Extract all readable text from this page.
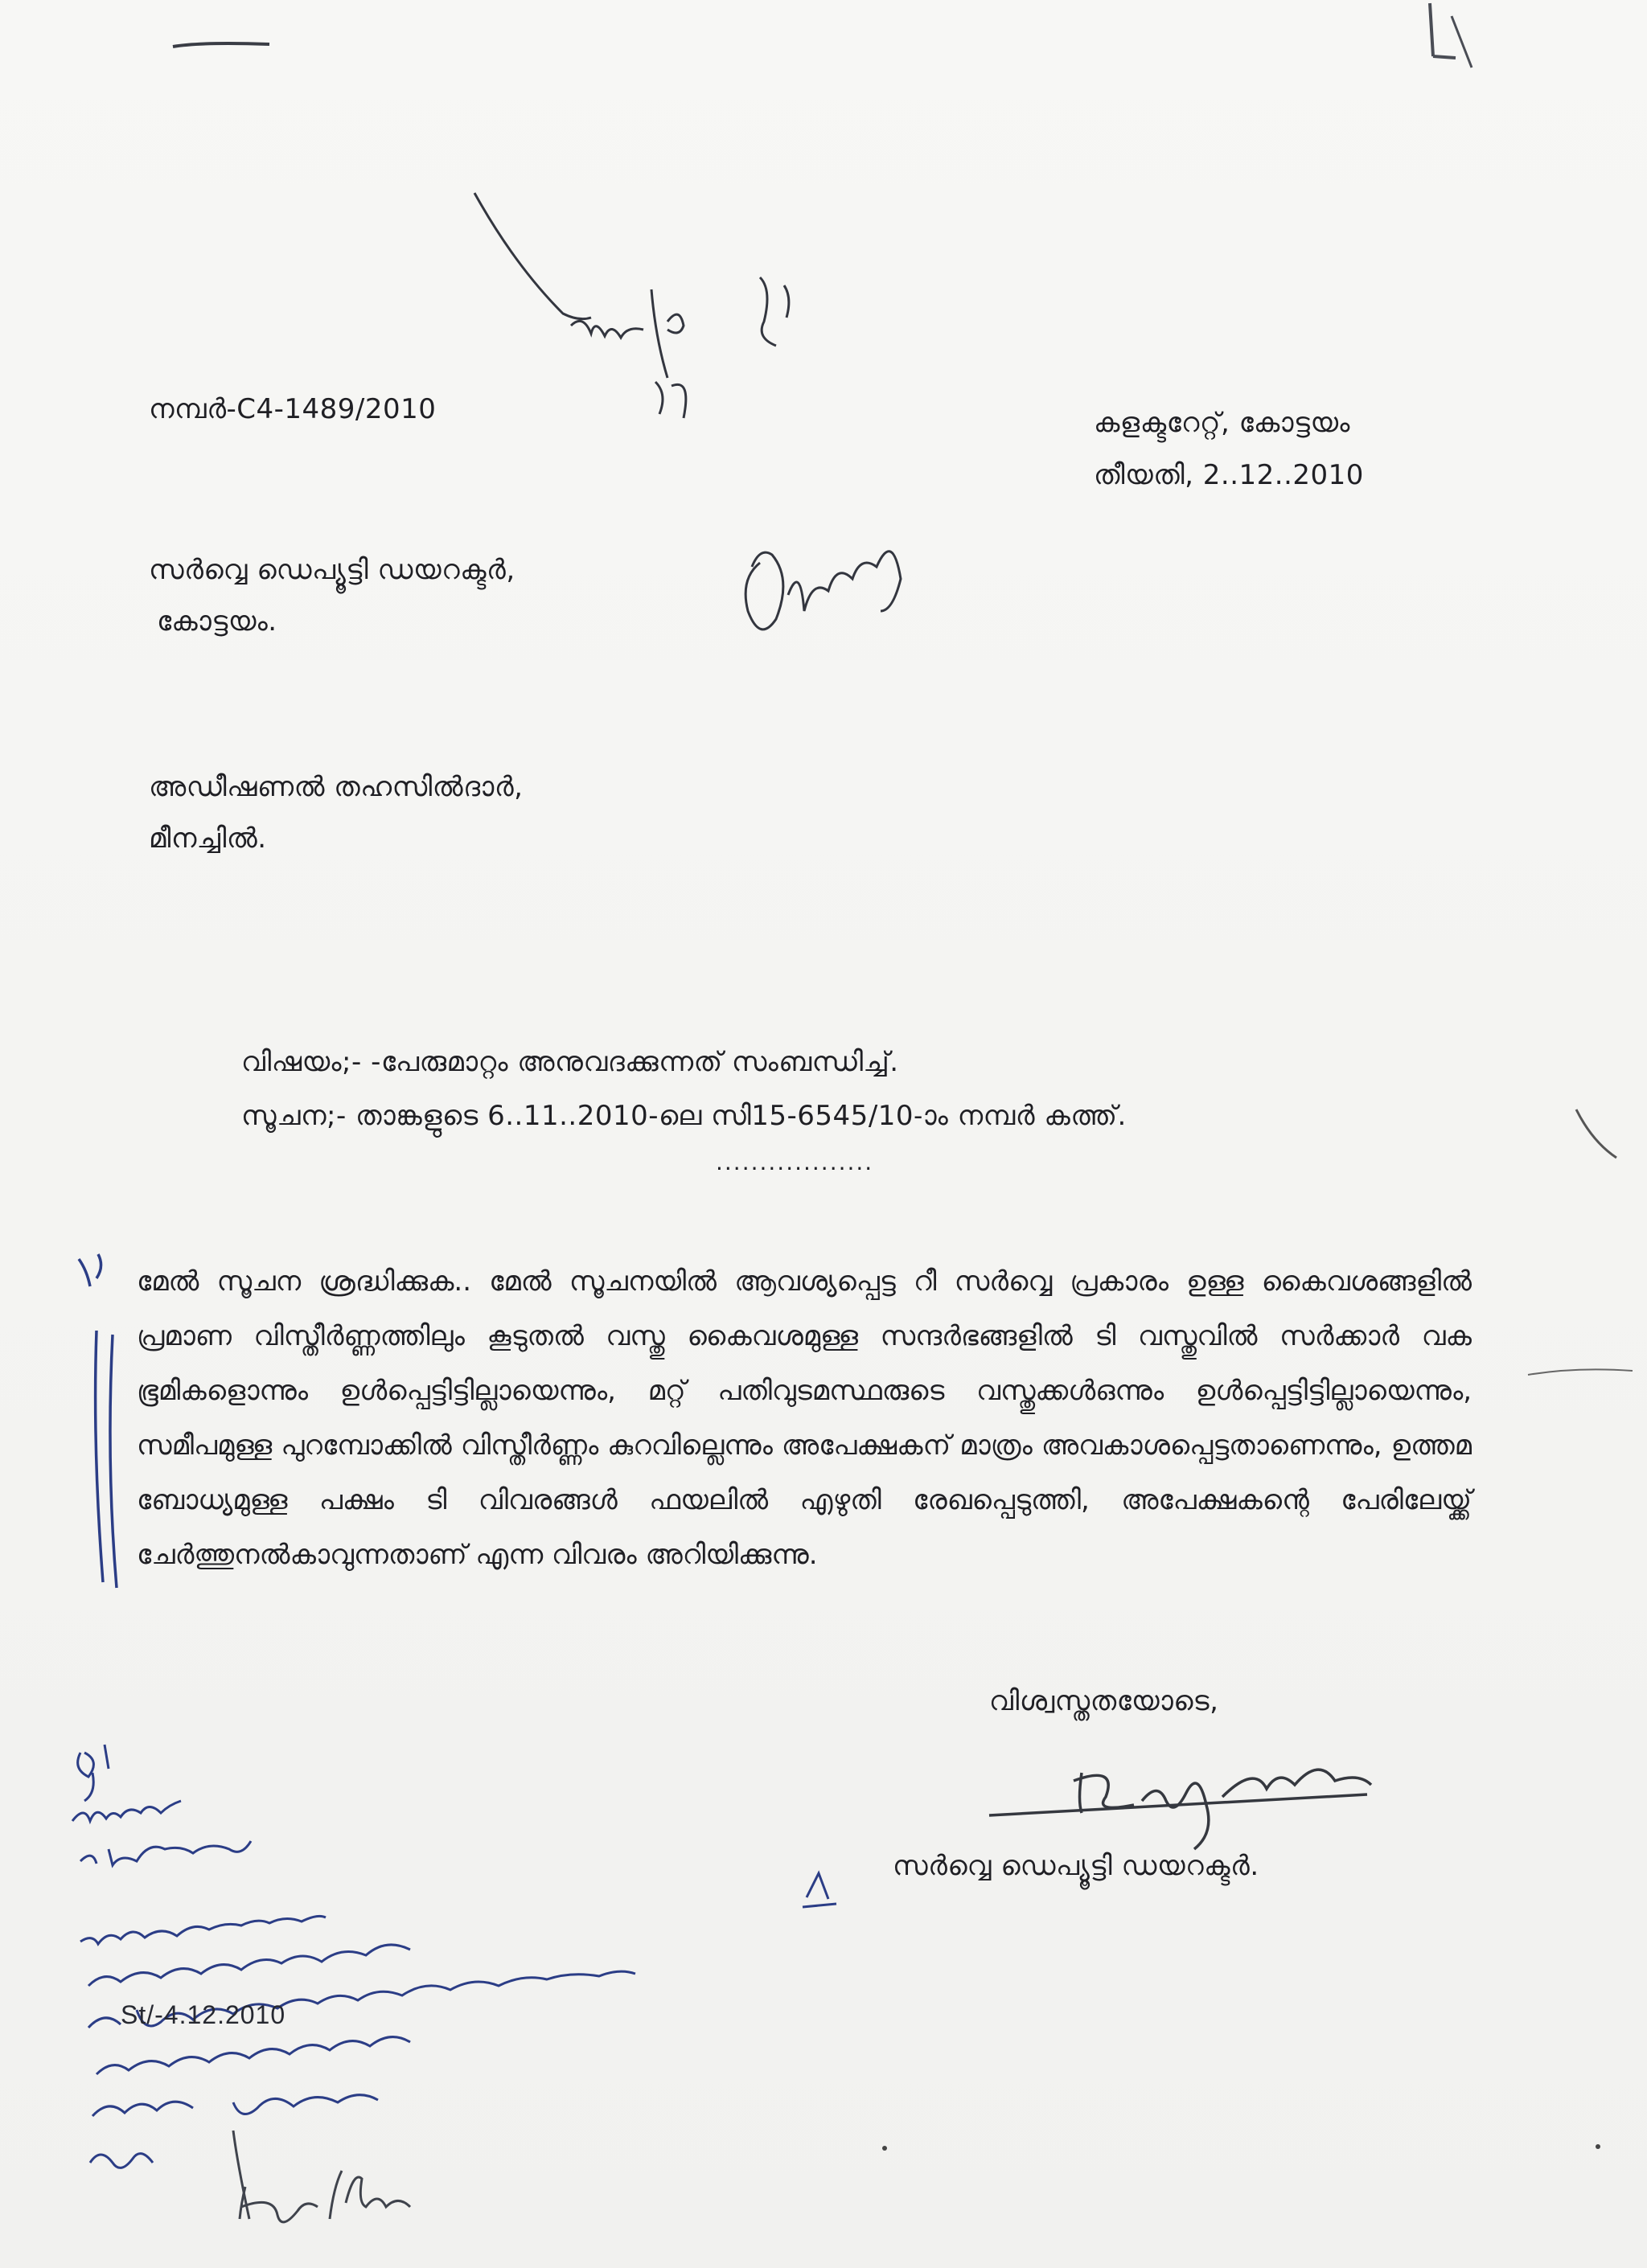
നമ്പർ-C4-1489/2010	കളക്ടറേറ്റ്, കോട്ടയം
തീയതി, 2..12..2010
സർവ്വെ ഡെപ്യൂട്ടി ഡയറക്ടർ,
കോട്ടയം.
അഡീഷണൽ തഹസിൽദാർ,
മീനച്ചിൽ.
വിഷയം;- -പേരുമാറ്റം അനുവദക്കുന്നത് സംബന്ധിച്ച്.
സൂചന;- താങ്കളുടെ 6..11..2010-ലെ സി15-6545/10-ാം നമ്പർ കത്ത്.
..................
മേൽ സൂചന ശ്രദ്ധിക്കുക.. മേൽ സൂചനയിൽ ആവശ്യപ്പെട്ട റീ സർവ്വെ പ്രകാരം ഉള്ള കൈവശങ്ങളിൽ പ്രമാണ വിസ്തീർണ്ണത്തിലും കൂടുതൽ വസ്തു കൈവശമുള്ള സന്ദർഭങ്ങളിൽ ടി വസ്തുവിൽ സർക്കാർ വക ഭൂമികളൊന്നും ഉൾപ്പെട്ടിട്ടില്ലായെന്നും, മറ്റ് പതിവുടമസ്ഥരുടെ വസ്തുക്കൾഒന്നും ഉൾപ്പെട്ടിട്ടില്ലായെന്നും, സമീപമുള്ള പുറമ്പോക്കിൽ വിസ്തീർണ്ണം കുറവില്ലെന്നും അപേക്ഷകന് മാത്രം അവകാശപ്പെട്ടതാണെന്നും, ഉത്തമ ബോധ്യമുള്ള പക്ഷം ടി വിവരങ്ങൾ ഫയലിൽ എഴുതി രേഖപ്പെടുത്തി, അപേക്ഷകന്റെ പേരിലേയ്ക്ക് ചേർത്തുനൽകാവുന്നതാണ് എന്ന വിവരം അറിയിക്കുന്നു.
വിശ്വസ്തതയോടെ,
സർവ്വെ ഡെപ്യൂട്ടി ഡയറക്ടർ.
St/-4.12.2010
